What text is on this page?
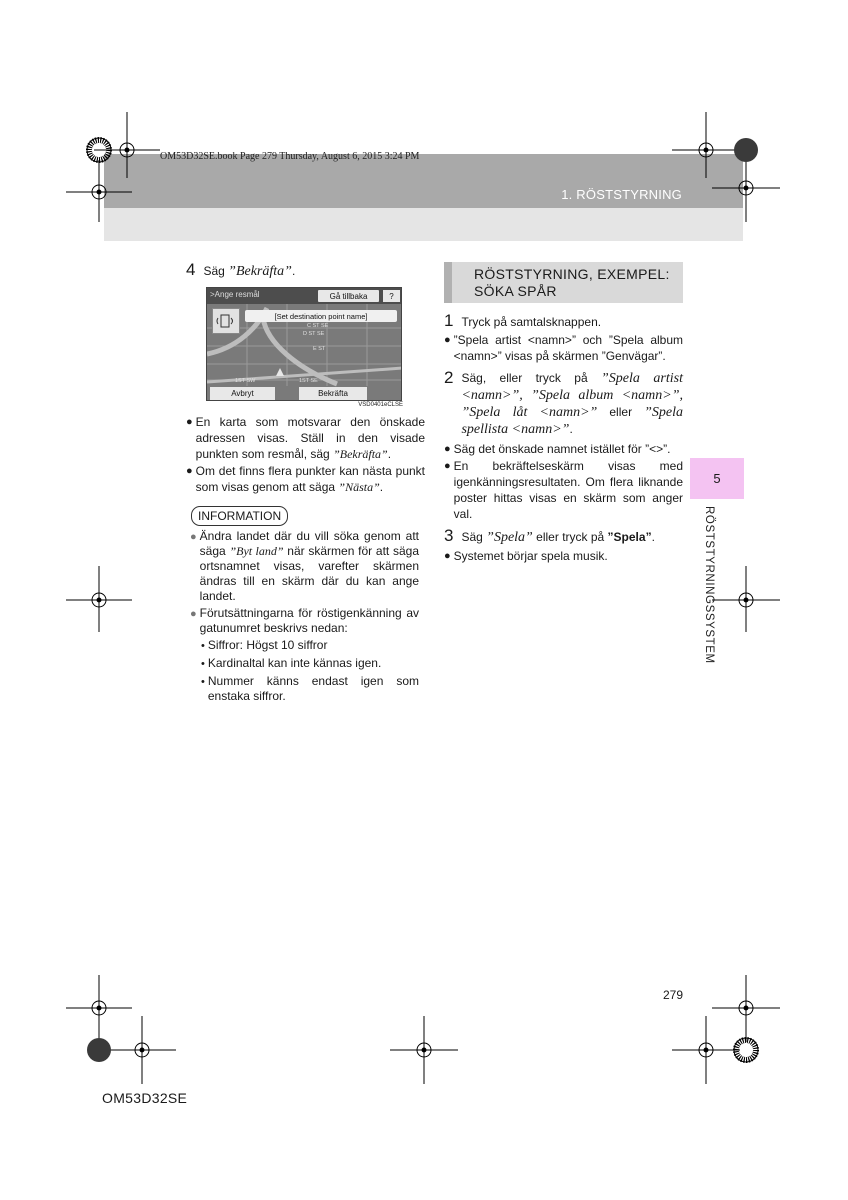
OM53D32SE.book Page 279 Thursday, August 6, 2015 3:24 PM
1. RÖSTSTYRNING
5
RÖSTSTYRNINGSSYSTEM
4 Säg ”Bekräfta”.
>Ange resmål	Gå tillbaka	?
[Set destination point name]
C ST SE
D ST SE
E ST
1ST SW	1ST SE
Avbryt	Bekräfta
VSD0401eCLSE
● En karta som motsvarar den önskade adressen visas. Ställ in den visade punkten som resmål, säg ”Bekräfta”.
● Om det finns flera punkter kan nästa punkt som visas genom att säga ”Nästa”.
INFORMATION
● Ändra landet där du vill söka genom att säga ”Byt land” när skärmen för att säga ortsnamnet visas, varefter skärmen ändras till en skärm där du kan ange landet.
● Förutsättningarna för röstigenkänning av gatunumret beskrivs nedan:
• Siffror: Högst 10 siffror
• Kardinaltal kan inte kännas igen.
• Nummer känns endast igen som enstaka siffror.
RÖSTSTYRNING, EXEMPEL:
SÖKA SPÅR
1 Tryck på samtalsknappen.
● ”Spela artist <namn>” och ”Spela album <namn>” visas på skärmen ”Genvägar”.
2 Säg, eller tryck på ”Spela artist <namn>”, ”Spela album <namn>”, ”Spela låt <namn>” eller ”Spela spellista <namn>”.
● Säg det önskade namnet istället för ”<>”.
● En bekräftelseskärm visas med igenkänningsresultaten. Om flera liknande poster hittas visas en skärm som anger val.
3 Säg ”Spela” eller tryck på ”Spela”.
● Systemet börjar spela musik.
279
OM53D32SE
